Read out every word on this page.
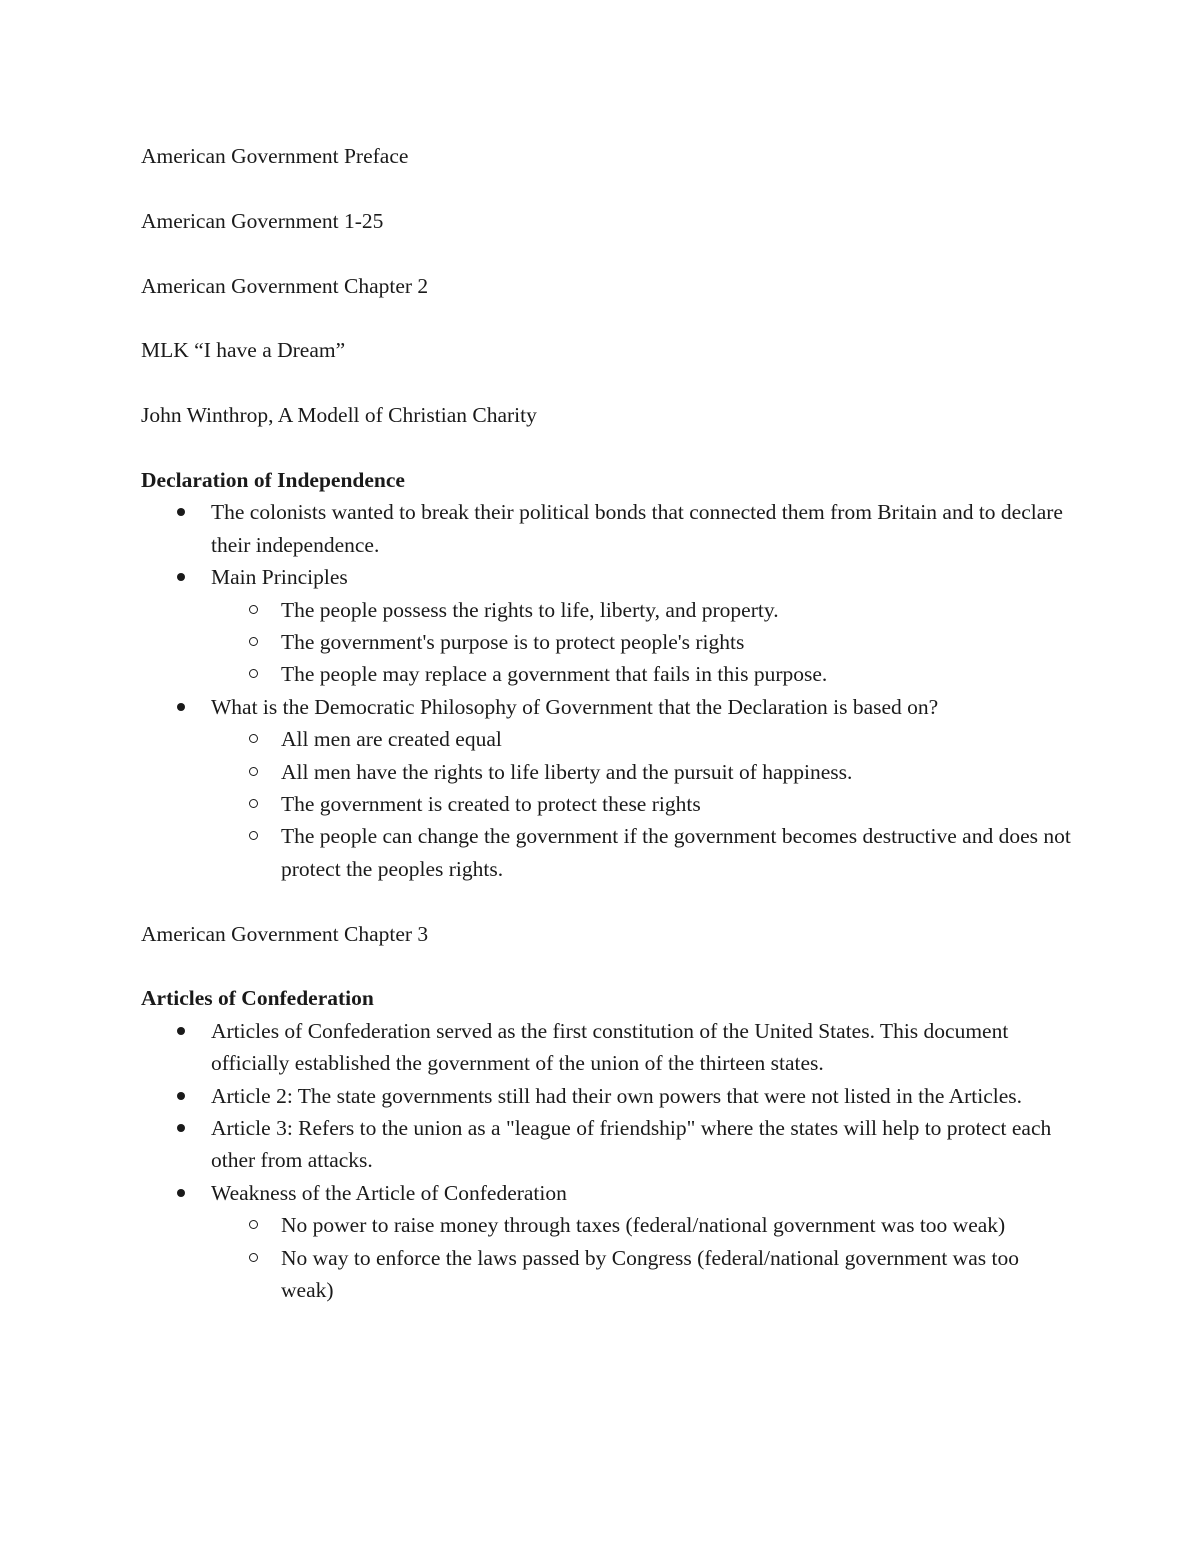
American Government Preface

American Government 1-25

American Government Chapter 2

MLK “I have a Dream”

John Winthrop, A Modell of Christian Charity

Declaration of Independence

The colonists wanted to break their political bonds that connected them from Britain and to declare their independence.
Main Principles
The people possess the rights to life, liberty, and property.
The government's purpose is to protect people's rights
The people may replace a government that fails in this purpose.
What is the Democratic Philosophy of Government that the Declaration is based on?
All men are created equal
All men have the rights to life liberty and the pursuit of happiness.
The government is created to protect these rights
The people can change the government if the government becomes destructive and does not protect the peoples rights.

American Government Chapter 3

Articles of Confederation

Articles of Confederation served as the first constitution of the United States. This document officially established the government of the union of the thirteen states.
Article 2: The state governments still had their own powers that were not listed in the Articles.
Article 3: Refers to the union as a "league of friendship" where the states will help to protect each other from attacks.
Weakness of the Article of Confederation
No power to raise money through taxes (federal/national government was too weak)
No way to enforce the laws passed by Congress (federal/national government was too weak)
